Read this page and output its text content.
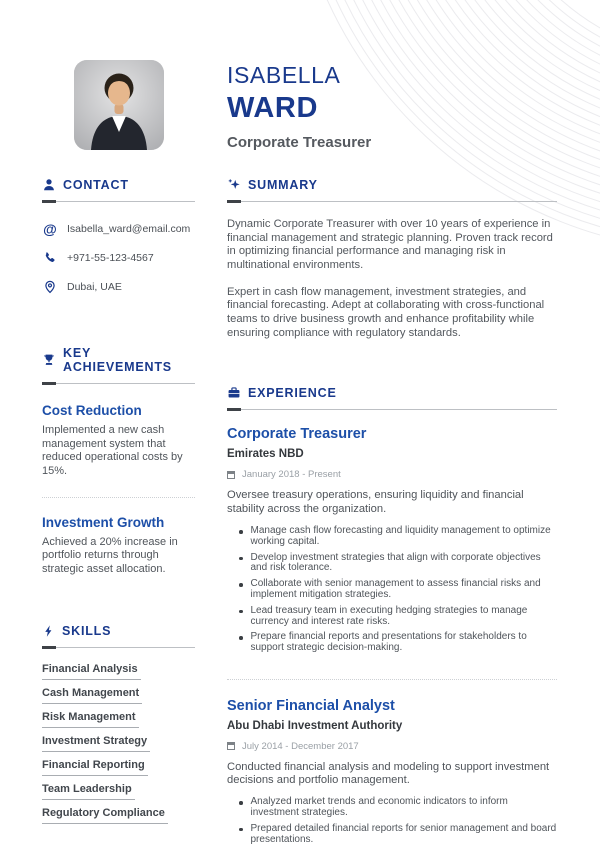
ISABELLA
WARD
Corporate Treasurer
CONTACT
@ Isabella_ward@email.com
+971-55-123-4567
Dubai, UAE
KEY ACHIEVEMENTS
Cost Reduction
Implemented a new cash management system that reduced operational costs by 15%.
Investment Growth
Achieved a 20% increase in portfolio returns through strategic asset allocation.
SKILLS
Financial Analysis
Cash Management
Risk Management
Investment Strategy
Financial Reporting
Team Leadership
Regulatory Compliance
SUMMARY

Dynamic Corporate Treasurer with over 10 years of experience in financial management and strategic planning. Proven track record in optimizing financial performance and managing risk in multinational environments.

Expert in cash flow management, investment strategies, and financial forecasting. Adept at collaborating with cross-functional teams to drive business growth and enhance profitability while ensuring compliance with regulatory standards.

EXPERIENCE
Corporate Treasurer
Emirates NBD
January 2018 - Present

Oversee treasury operations, ensuring liquidity and financial stability across the organization.

Manage cash flow forecasting and liquidity management to optimize working capital.
Develop investment strategies that align with corporate objectives and risk tolerance.
Collaborate with senior management to assess financial risks and implement mitigation strategies.
Lead treasury team in executing hedging strategies to manage currency and interest rate risks.
Prepare financial reports and presentations for stakeholders to support strategic decision-making.
Senior Financial Analyst
Abu Dhabi Investment Authority
July 2014 - December 2017

Conducted financial analysis and modeling to support investment decisions and portfolio management.

Analyzed market trends and economic indicators to inform investment strategies.
Prepared detailed financial reports for senior management and board presentations.
